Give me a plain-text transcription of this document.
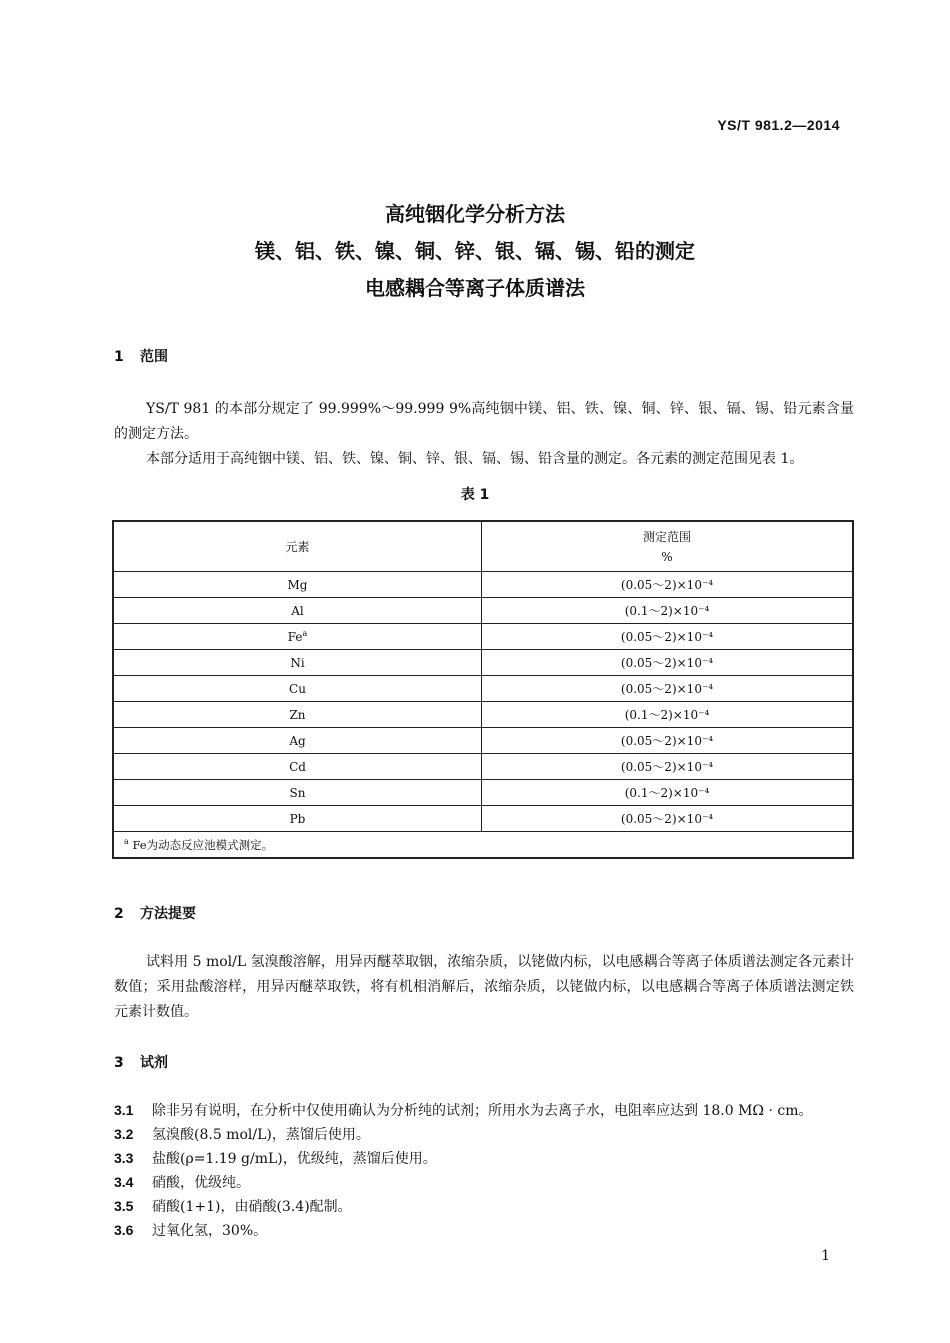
YS/T 981.2—2014
高纯铟化学分析方法
镁、铝、铁、镍、铜、锌、银、镉、锡、铅的测定
电感耦合等离子体质谱法
1 范围

YS/T 981 的本部分规定了 99.999%～99.999 9%高纯铟中镁、铝、铁、镍、铜、锌、银、镉、锡、铅元素含量的测定方法。

本部分适用于高纯铟中镁、铝、铁、镍、铜、锌、银、镉、锡、铅含量的测定。各元素的测定范围见表 1。

表 1
元素	测定范围
%

Mg	(0.05～2)×10⁻⁴
Al	(0.1～2)×10⁻⁴
Fe$^a$	(0.05～2)×10⁻⁴
Ni	(0.05～2)×10⁻⁴
Cu	(0.05～2)×10⁻⁴
Zn	(0.1～2)×10⁻⁴
Ag	(0.05～2)×10⁻⁴
Cd	(0.05～2)×10⁻⁴
Sn	(0.1～2)×10⁻⁴
Pb	(0.05～2)×10⁻⁴
$^a$ Fe为动态反应池模式测定。	
2 方法提要

试料用 5 mol/L 氢溴酸溶解，用异丙醚萃取铟，浓缩杂质，以铑做内标，以电感耦合等离子体质谱法测定各元素计数值；采用盐酸溶样，用异丙醚萃取铁，将有机相消解后，浓缩杂质，以铑做内标，以电感耦合等离子体质谱法测定铁元素计数值。

3 试剂
3.1 除非另有说明，在分析中仅使用确认为分析纯的试剂；所用水为去离子水，电阻率应达到 18.0 MΩ · cm。
3.2 氢溴酸(8.5 mol/L)，蒸馏后使用。
3.3 盐酸(ρ=1.19 g/mL)，优级纯，蒸馏后使用。
3.4 硝酸，优级纯。
3.5 硝酸(1+1)，由硝酸(3.4)配制。
3.6 过氧化氢，30%。
1
